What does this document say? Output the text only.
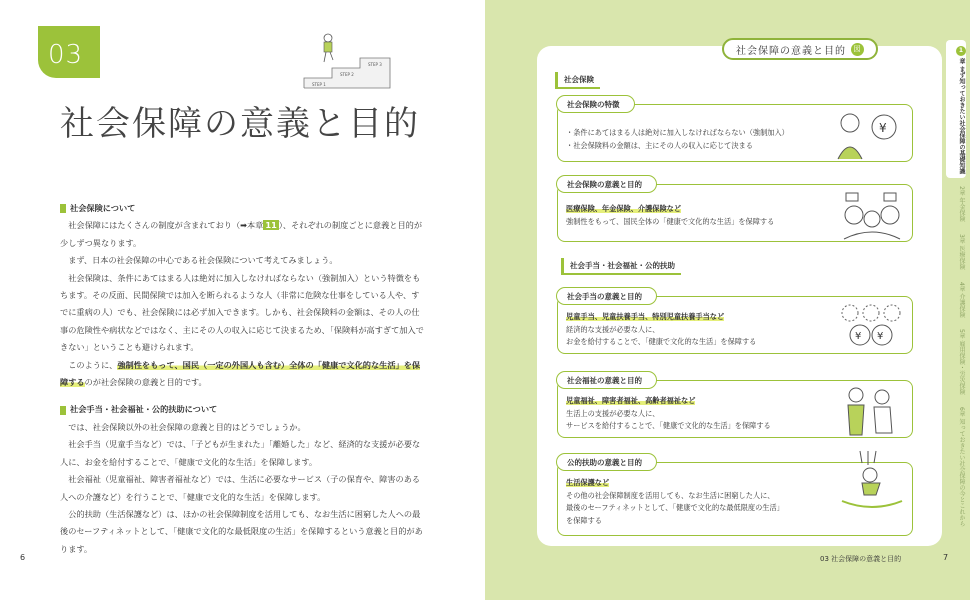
03
STEP 1
STEP 2
STEP 3
社会保障の意義と目的
社会保険について

社会保障にはたくさんの制度が含まれており（➡本章 11 ）、それぞれの制度ごとに意義と目的が少しずつ異なります。

まず、日本の社会保障の中心である社会保険について考えてみましょう。

社会保険は、条件にあてはまる人は絶対に加入しなければならない（強制加入）という特徴をもちます。その反面、民間保険では加入を断られるような人（非常に危険な仕事をしている人や、すでに重病の人）でも、社会保険には必ず加入できます。しかも、社会保険料の金額は、その人の仕事の危険性や病状などではなく、主にその人の収入に応じて決まるため、「保険料が高すぎて加入できない」ということも避けられます。

このように、強制性をもって、国民（一定の外国人も含む）全体の「健康で文化的な生活」を保障するのが社会保険の意義と目的です。

社会手当・社会福祉・公的扶助について

では、社会保険以外の社会保障の意義と目的はどうでしょうか。

社会手当（児童手当など）では、「子どもが生まれた」「離婚した」など、経済的な支援が必要な人に、お金を給付することで、「健康で文化的な生活」を保障します。

社会福祉（児童福祉、障害者福祉など）では、生活に必要なサービス（子の保育や、障害のある人への介護など）を行うことで、「健康で文化的な生活」を保障します。

公的扶助（生活保護など）は、ほかの社会保障制度を活用しても、なお生活に困窮した人への最後のセーフティネットとして、「健康で文化的な最低限度の生活」を保障するという意義と目的があります。

6
社会保障の意義と目的	図
社会保険
社会保険の特徴
・条件にあてはまる人は絶対に加入しなければならない（強制加入）
・社会保険料の金額は、主にその人の収入に応じて決まる
¥
社会保険の意義と目的
医療保険、年金保険、介護保険など
強制性をもって、国民全体の「健康で文化的な生活」を保障する
社会手当・社会福祉・公的扶助
社会手当の意義と目的
児童手当、児童扶養手当、特別児童扶養手当など
経済的な支援が必要な人に、
お金を給付することで、「健康で文化的な生活」を保障する	¥ ¥
社会福祉の意義と目的
児童福祉、障害者福祉、高齢者福祉など
生活上の支援が必要な人に、
サービスを給付することで、「健康で文化的な生活」を保障する
公的扶助の意義と目的
生活保護など
その他の社会保障制度を活用しても、なお生活に困窮した人に、
最後のセーフティネットとして、「健康で文化的な最低限度の生活」
を保障する
03 社会保障の意義と目的	7
1章 まず知っておきたい社会保障の基礎知識
2章 年金保険
3章 医療保険
4章 介護保険
5章 雇用保険・労災保険
6章 知っておきたい社会保障の今とこれから
